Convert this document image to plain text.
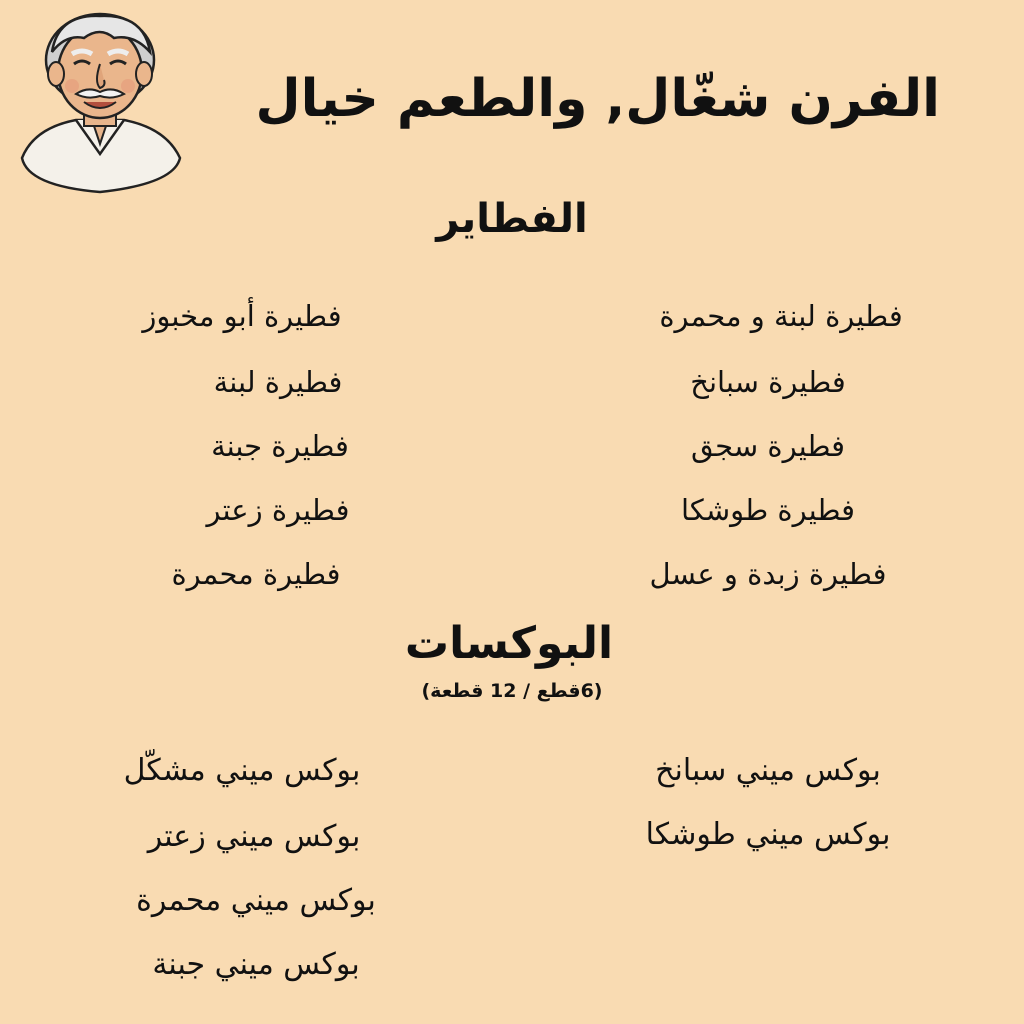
الفرن شغّال, والطعم خيال
الفطاير
فطيرة لبنة و محمرة
فطيرة سبانخ
فطيرة سجق
فطيرة طوشكا
فطيرة زبدة و عسل
فطيرة أبو مخبوز
فطيرة لبنة
فطيرة جبنة
فطيرة زعتر
فطيرة محمرة
البوكسات

(6قطع / 12 قطعة)

بوكس ميني سبانخ
بوكس ميني طوشكا
بوكس ميني مشكّل
بوكس ميني زعتر
بوكس ميني محمرة
بوكس ميني جبنة
